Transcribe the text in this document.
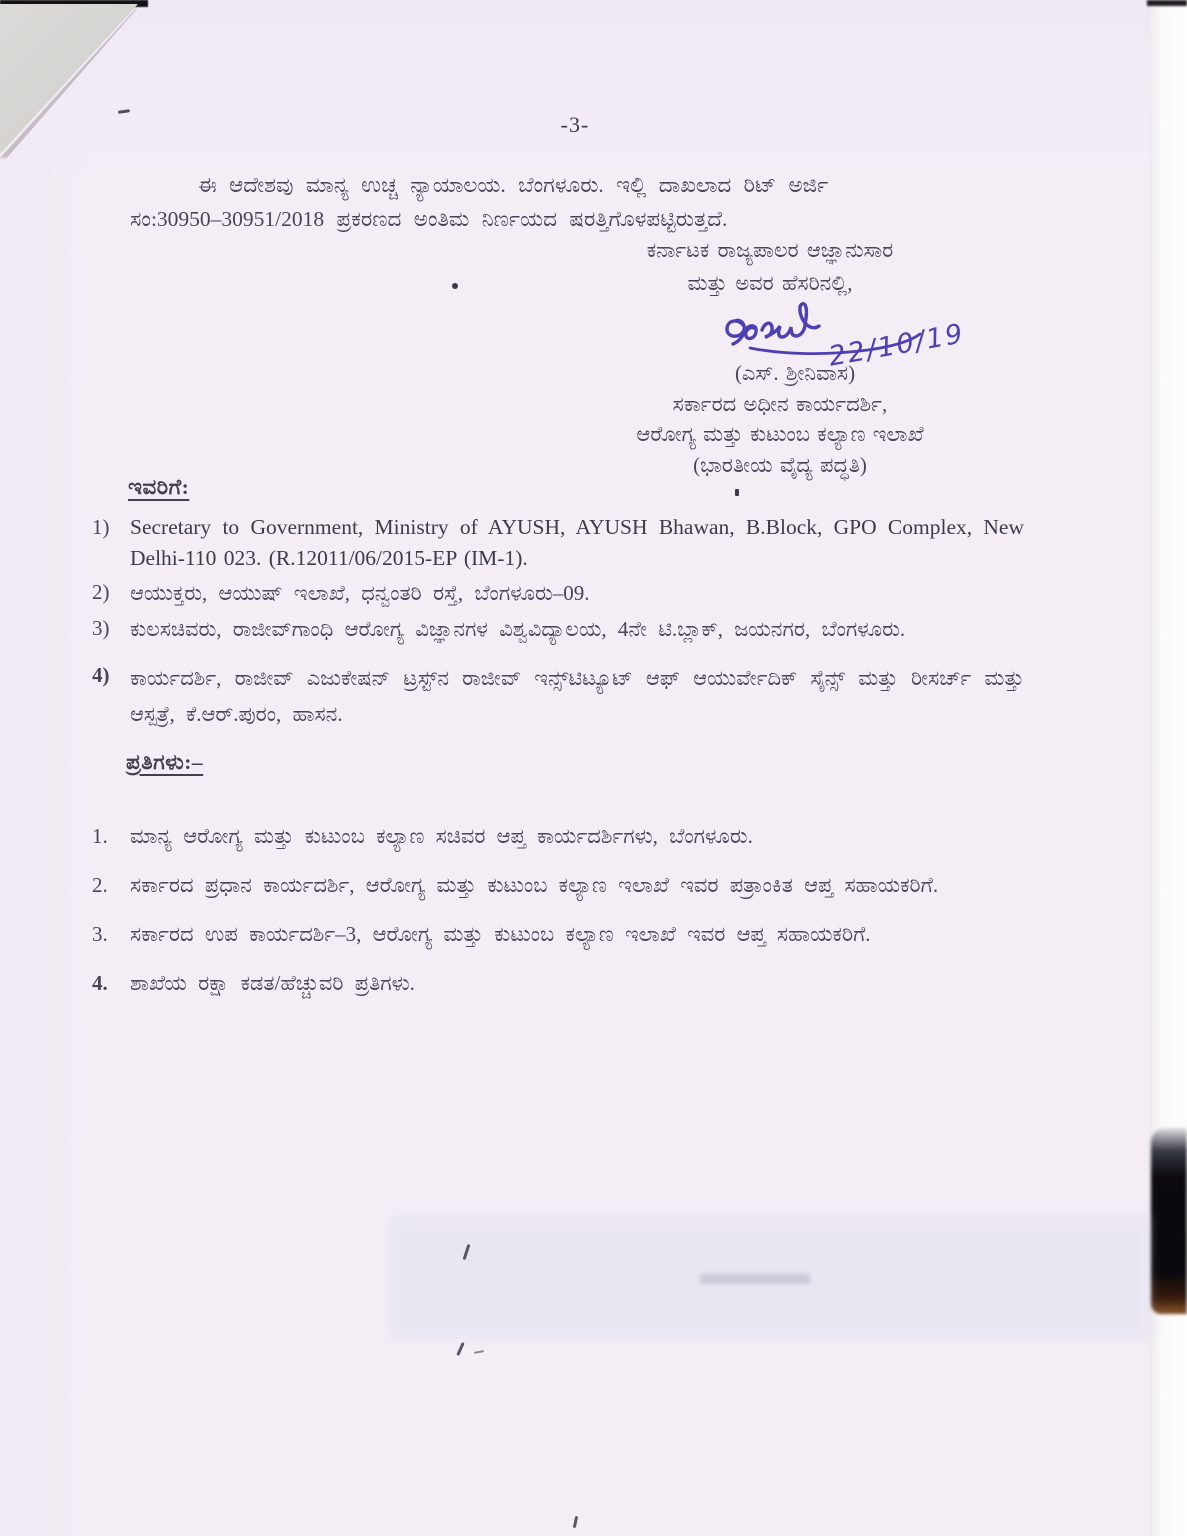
-3-
ಈ ಆದೇಶವು ಮಾನ್ಯ ಉಚ್ಚ ನ್ಯಾಯಾಲಯ. ಬೆಂಗಳೂರು. ಇಲ್ಲಿ ದಾಖಲಾದ ರಿಟ್ ಅರ್ಜಿ
ಸಂ:30950–30951/2018 ಪ್ರಕರಣದ ಅಂತಿಮ ನಿರ್ಣಯದ ಷರತ್ತಿಗೊಳಪಟ್ಟಿರುತ್ತದೆ.
ಕರ್ನಾಟಕ ರಾಜ್ಯಪಾಲರ ಆಜ್ಞಾನುಸಾರ
ಮತ್ತು ಅವರ ಹೆಸರಿನಲ್ಲಿ,
22/10/19
(ಎಸ್. ಶ್ರೀನಿವಾಸ)
ಸರ್ಕಾರದ ಅಧೀನ ಕಾರ್ಯದರ್ಶಿ,
ಆರೋಗ್ಯ ಮತ್ತು ಕುಟುಂಬ ಕಲ್ಯಾಣ ಇಲಾಖೆ
(ಭಾರತೀಯ ವೈದ್ಯ ಪದ್ಧತಿ)
ಇವರಿಗೆ:
1) Secretary to Government, Ministry of AYUSH, AYUSH Bhawan, B.Block, GPO Complex, New Delhi-110 023. (R.12011/06/2015-EP (IM-1).
2) ಆಯುಕ್ತರು, ಆಯುಷ್ ಇಲಾಖೆ, ಧನ್ವಂತರಿ ರಸ್ತೆ, ಬೆಂಗಳೂರು–09.
3) ಕುಲಸಚಿವರು, ರಾಜೀವ್‌ಗಾಂಧಿ ಆರೋಗ್ಯ ವಿಜ್ಞಾನಗಳ ವಿಶ್ವವಿದ್ಯಾಲಯ, 4ನೇ ಟಿ.ಬ್ಲಾಕ್, ಜಯನಗರ, ಬೆಂಗಳೂರು.
4) ಕಾರ್ಯದರ್ಶಿ, ರಾಜೀವ್ ಎಜುಕೇಷನ್ ಟ್ರಸ್ಟ್‌ನ ರಾಜೀವ್ ಇನ್ಸ್‌ಟಿಟ್ಯೂಟ್ ಆಫ್ ಆಯುರ್ವೇದಿಕ್ ಸೈನ್ಸ್ ಮತ್ತು ರೀಸರ್ಚ್ ಮತ್ತು ಆಸ್ಪತ್ರೆ, ಕೆ.ಆರ್.ಪುರಂ, ಹಾಸನ.
ಪ್ರತಿಗಳು:–
1.	ಮಾನ್ಯ ಆರೋಗ್ಯ ಮತ್ತು ಕುಟುಂಬ ಕಲ್ಯಾಣ ಸಚಿವರ ಆಪ್ತ ಕಾರ್ಯದರ್ಶಿಗಳು, ಬೆಂಗಳೂರು.
2.	ಸರ್ಕಾರದ ಪ್ರಧಾನ ಕಾರ್ಯದರ್ಶಿ, ಆರೋಗ್ಯ ಮತ್ತು ಕುಟುಂಬ ಕಲ್ಯಾಣ ಇಲಾಖೆ ಇವರ ಪತ್ರಾಂಕಿತ ಆಪ್ತ ಸಹಾಯಕರಿಗೆ.
3.	ಸರ್ಕಾರದ ಉಪ ಕಾರ್ಯದರ್ಶಿ–3, ಆರೋಗ್ಯ ಮತ್ತು ಕುಟುಂಬ ಕಲ್ಯಾಣ ಇಲಾಖೆ ಇವರ ಆಪ್ತ ಸಹಾಯಕರಿಗೆ.
4.	ಶಾಖೆಯ ರಕ್ಷಾ ಕಡತ/ಹೆಚ್ಚುವರಿ ಪ್ರತಿಗಳು.
